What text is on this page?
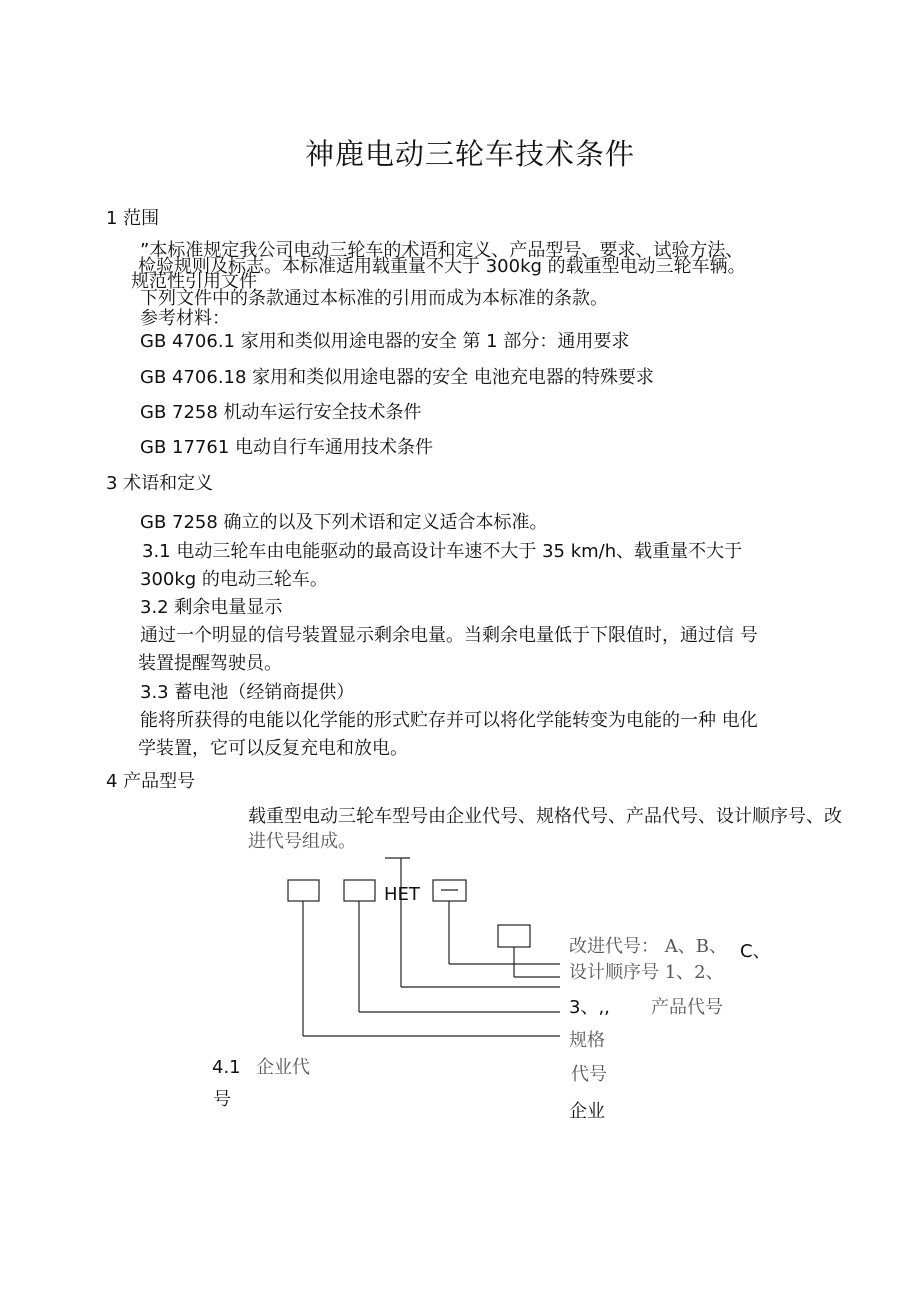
神鹿电动三轮车技术条件
1 范围
”本标准规定我公司电动三轮车的术语和定义、产品型号、要求、试验方法、
检验规则及标志。本标准适用载重量不大于 300kg 的载重型电动三轮车辆。
规范性引用文件
下列文件中的条款通过本标准的引用而成为本标准的条款。
参考材料：
GB 4706.1 家用和类似用途电器的安全 第 1 部分：通用要求
GB 4706.18 家用和类似用途电器的安全 电池充电器的特殊要求
GB 7258 机动车运行安全技术条件
GB 17761 电动自行车通用技术条件
3 术语和定义
GB 7258 确立的以及下列术语和定义适合本标准。
3.1 电动三轮车由电能驱动的最高设计车速不大于 35 km/h、载重量不大于
300kg 的电动三轮车。
3.2 剩余电量显示
通过一个明显的信号装置显示剩余电量。当剩余电量低于下限值时，通过信 号
装置提醒驾驶员。
3.3 蓄电池（经销商提供）
能将所获得的电能以化学能的形式贮存并可以将化学能转变为电能的一种 电化
学装置，它可以反复充电和放电。
4 产品型号
载重型电动三轮车型号由企业代号、规格代号、产品代号、设计顺序号、改
进代号组成。
HET
改进代号： A、B、 C、
设计顺序号 1、2、
3、,, 产品代号
规格
代号
企业
4.1 企业代
号
